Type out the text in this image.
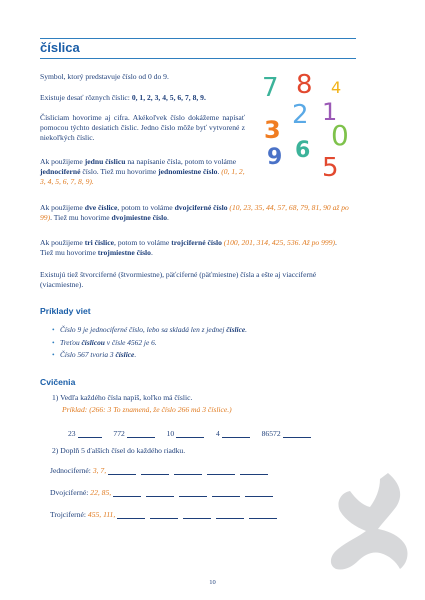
číslica
7 8 4
3 2 1
0
9 6
5

Symbol, ktorý predstavuje číslo od 0 do 9.

Existuje desať rôznych číslic: 0, 1, 2, 3, 4, 5, 6, 7, 8, 9.

Čísliciam hovorime aj cifra. Akékoľvek číslo dokážeme napísať pomocou týchto desiatich číslic. Jedno číslo môže byť vytvorené z niekoľkých číslic.

Ak použijeme jednu číslicu na napísanie čísla, potom to voláme jednociferné číslo. Tiež mu hovorime jednomiestne číslo. (0, 1, 2, 3, 4, 5, 6, 7, 8, 9).

Ak použijeme dve číslice, potom to voláme dvojciferné číslo (10, 23, 35, 44, 57, 68, 79, 81, 90 až po 99). Tiež mu hovorime dvojmiestne číslo.

Ak použijeme tri číslice, potom to voláme trojciferné číslo (100, 201, 314, 425, 536. Až po 999). Tiež mu hovorime trojmiestne číslo.

Existujú tiež štvorciferné (štvormiestne), päťciferné (päťmiestne) čísla a ešte aj viacciferné (viacmiestne).

Príklady viet
• Číslo 9 je jednociferné číslo, lebo sa skladá len z jednej číslice.
• Treťou číslicou v čísle 4562 je 6.
• Číslo 567 tvoria 3 číslice.
Cvičenia

1) Vedľa každého čísla napíš, koľko má číslic.

Príklad: (266: 3 To znamená, že číslo 266 má 3 číslice.)

23	772	10	4	86572

2) Doplň 5 ďalších čísel do každého riadku.

Jednociferné: 3, 7,
Dvojciferné: 22, 85,
Trojciferné: 455, 111,
10
